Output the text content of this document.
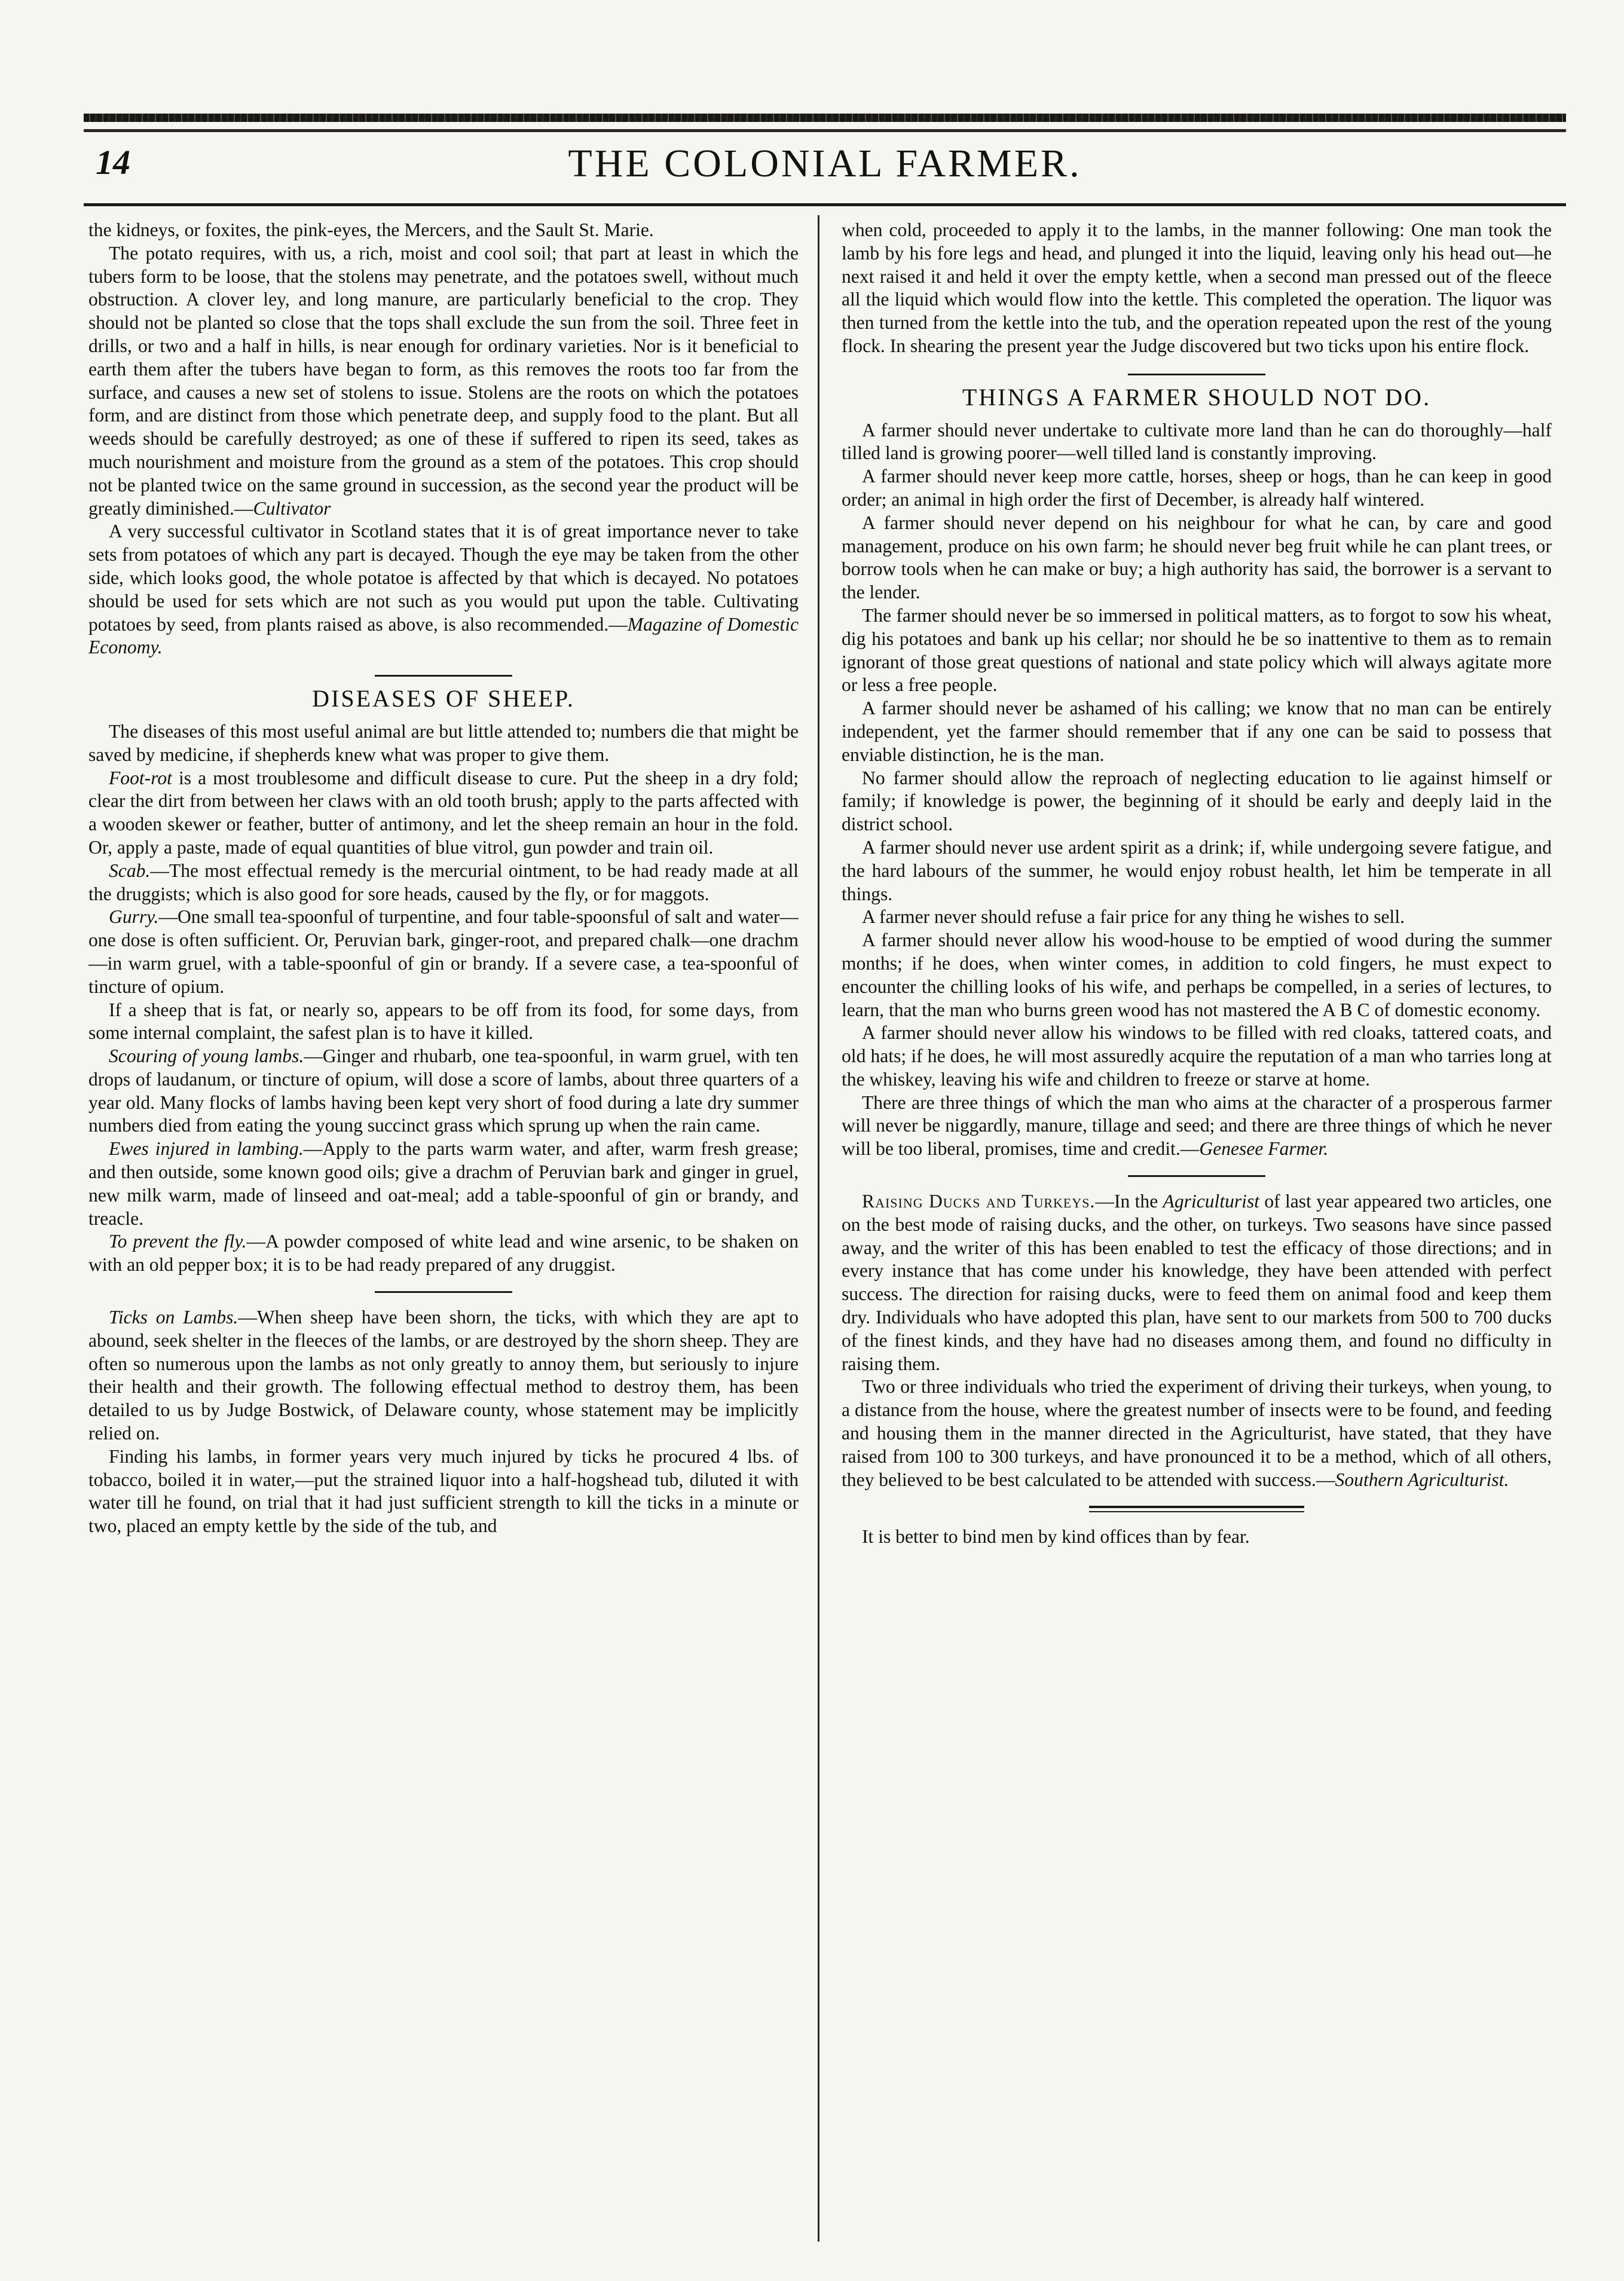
14	THE COLONIAL FARMER.

the kidneys, or foxites, the pink-eyes, the Mercers, and the Sault St. Marie.

The potato requires, with us, a rich, moist and cool soil; that part at least in which the tubers form to be loose, that the stolens may penetrate, and the potatoes swell, without much obstruction. A clover ley, and long manure, are particularly beneficial to the crop. They should not be planted so close that the tops shall exclude the sun from the soil. Three feet in drills, or two and a half in hills, is near enough for ordinary varieties. Nor is it beneficial to earth them after the tubers have began to form, as this removes the roots too far from the surface, and causes a new set of stolens to issue. Stolens are the roots on which the potatoes form, and are distinct from those which penetrate deep, and supply food to the plant. But all weeds should be carefully destroyed; as one of these if suffered to ripen its seed, takes as much nourishment and moisture from the ground as a stem of the potatoes. This crop should not be planted twice on the same ground in succession, as the second year the product will be greatly diminished.—Cultivator

A very successful cultivator in Scotland states that it is of great importance never to take sets from potatoes of which any part is decayed. Though the eye may be taken from the other side, which looks good, the whole potatoe is affected by that which is decayed. No potatoes should be used for sets which are not such as you would put upon the table. Cultivating potatoes by seed, from plants raised as above, is also recommended.—Magazine of Domestic Economy.

DISEASES OF SHEEP.

The diseases of this most useful animal are but little attended to; numbers die that might be saved by medicine, if shepherds knew what was proper to give them.

Foot-rot is a most troublesome and difficult disease to cure. Put the sheep in a dry fold; clear the dirt from between her claws with an old tooth brush; apply to the parts affected with a wooden skewer or feather, butter of antimony, and let the sheep remain an hour in the fold. Or, apply a paste, made of equal quantities of blue vitrol, gun powder and train oil.

Scab.—The most effectual remedy is the mercurial ointment, to be had ready made at all the druggists; which is also good for sore heads, caused by the fly, or for maggots.

Gurry.—One small tea-spoonful of turpentine, and four table-spoonsful of salt and water—one dose is often sufficient. Or, Peruvian bark, ginger-root, and prepared chalk—one drachm—in warm gruel, with a table-spoonful of gin or brandy. If a severe case, a tea-spoonful of tincture of opium.

If a sheep that is fat, or nearly so, appears to be off from its food, for some days, from some internal complaint, the safest plan is to have it killed.

Scouring of young lambs.—Ginger and rhubarb, one tea-spoonful, in warm gruel, with ten drops of laudanum, or tincture of opium, will dose a score of lambs, about three quarters of a year old. Many flocks of lambs having been kept very short of food during a late dry summer numbers died from eating the young succinct grass which sprung up when the rain came.

Ewes injured in lambing.—Apply to the parts warm water, and after, warm fresh grease; and then outside, some known good oils; give a drachm of Peruvian bark and ginger in gruel, new milk warm, made of linseed and oat-meal; add a table-spoonful of gin or brandy, and treacle.

To prevent the fly.—A powder composed of white lead and wine arsenic, to be shaken on with an old pepper box; it is to be had ready prepared of any druggist.

Ticks on Lambs.—When sheep have been shorn, the ticks, with which they are apt to abound, seek shelter in the fleeces of the lambs, or are destroyed by the shorn sheep. They are often so numerous upon the lambs as not only greatly to annoy them, but seriously to injure their health and their growth. The following effectual method to destroy them, has been detailed to us by Judge Bostwick, of Delaware county, whose statement may be implicitly relied on.

Finding his lambs, in former years very much injured by ticks he procured 4 lbs. of tobacco, boiled it in water,—put the strained liquor into a half-hogshead tub, diluted it with water till he found, on trial that it had just sufficient strength to kill the ticks in a minute or two, placed an empty kettle by the side of the tub, and

when cold, proceeded to apply it to the lambs, in the manner following: One man took the lamb by his fore legs and head, and plunged it into the liquid, leaving only his head out—he next raised it and held it over the empty kettle, when a second man pressed out of the fleece all the liquid which would flow into the kettle. This completed the operation. The liquor was then turned from the kettle into the tub, and the operation repeated upon the rest of the young flock. In shearing the present year the Judge discovered but two ticks upon his entire flock.

THINGS A FARMER SHOULD NOT DO.

A farmer should never undertake to cultivate more land than he can do thoroughly—half tilled land is growing poorer—well tilled land is constantly improving.

A farmer should never keep more cattle, horses, sheep or hogs, than he can keep in good order; an animal in high order the first of December, is already half wintered.

A farmer should never depend on his neighbour for what he can, by care and good management, produce on his own farm; he should never beg fruit while he can plant trees, or borrow tools when he can make or buy; a high authority has said, the borrower is a servant to the lender.

The farmer should never be so immersed in political matters, as to forgot to sow his wheat, dig his potatoes and bank up his cellar; nor should he be so inattentive to them as to remain ignorant of those great questions of national and state policy which will always agitate more or less a free people.

A farmer should never be ashamed of his calling; we know that no man can be entirely independent, yet the farmer should remember that if any one can be said to possess that enviable distinction, he is the man.

No farmer should allow the reproach of neglecting education to lie against himself or family; if knowledge is power, the beginning of it should be early and deeply laid in the district school.

A farmer should never use ardent spirit as a drink; if, while undergoing severe fatigue, and the hard labours of the summer, he would enjoy robust health, let him be temperate in all things.

A farmer never should refuse a fair price for any thing he wishes to sell.

A farmer should never allow his wood-house to be emptied of wood during the summer months; if he does, when winter comes, in addition to cold fingers, he must expect to encounter the chilling looks of his wife, and perhaps be compelled, in a series of lectures, to learn, that the man who burns green wood has not mastered the A B C of domestic economy.

A farmer should never allow his windows to be filled with red cloaks, tattered coats, and old hats; if he does, he will most assuredly acquire the reputation of a man who tarries long at the whiskey, leaving his wife and children to freeze or starve at home.

There are three things of which the man who aims at the character of a prosperous farmer will never be niggardly, manure, tillage and seed; and there are three things of which he never will be too liberal, promises, time and credit.—Genesee Farmer.

Raising Ducks and Turkeys.—In the Agriculturist of last year appeared two articles, one on the best mode of raising ducks, and the other, on turkeys. Two seasons have since passed away, and the writer of this has been enabled to test the efficacy of those directions; and in every instance that has come under his knowledge, they have been attended with perfect success. The direction for raising ducks, were to feed them on animal food and keep them dry. Individuals who have adopted this plan, have sent to our markets from 500 to 700 ducks of the finest kinds, and they have had no diseases among them, and found no difficulty in raising them.

Two or three individuals who tried the experiment of driving their turkeys, when young, to a distance from the house, where the greatest number of insects were to be found, and feeding and housing them in the manner directed in the Agriculturist, have stated, that they have raised from 100 to 300 turkeys, and have pronounced it to be a method, which of all others, they believed to be best calculated to be attended with success.—Southern Agriculturist.

It is better to bind men by kind offices than by fear.
